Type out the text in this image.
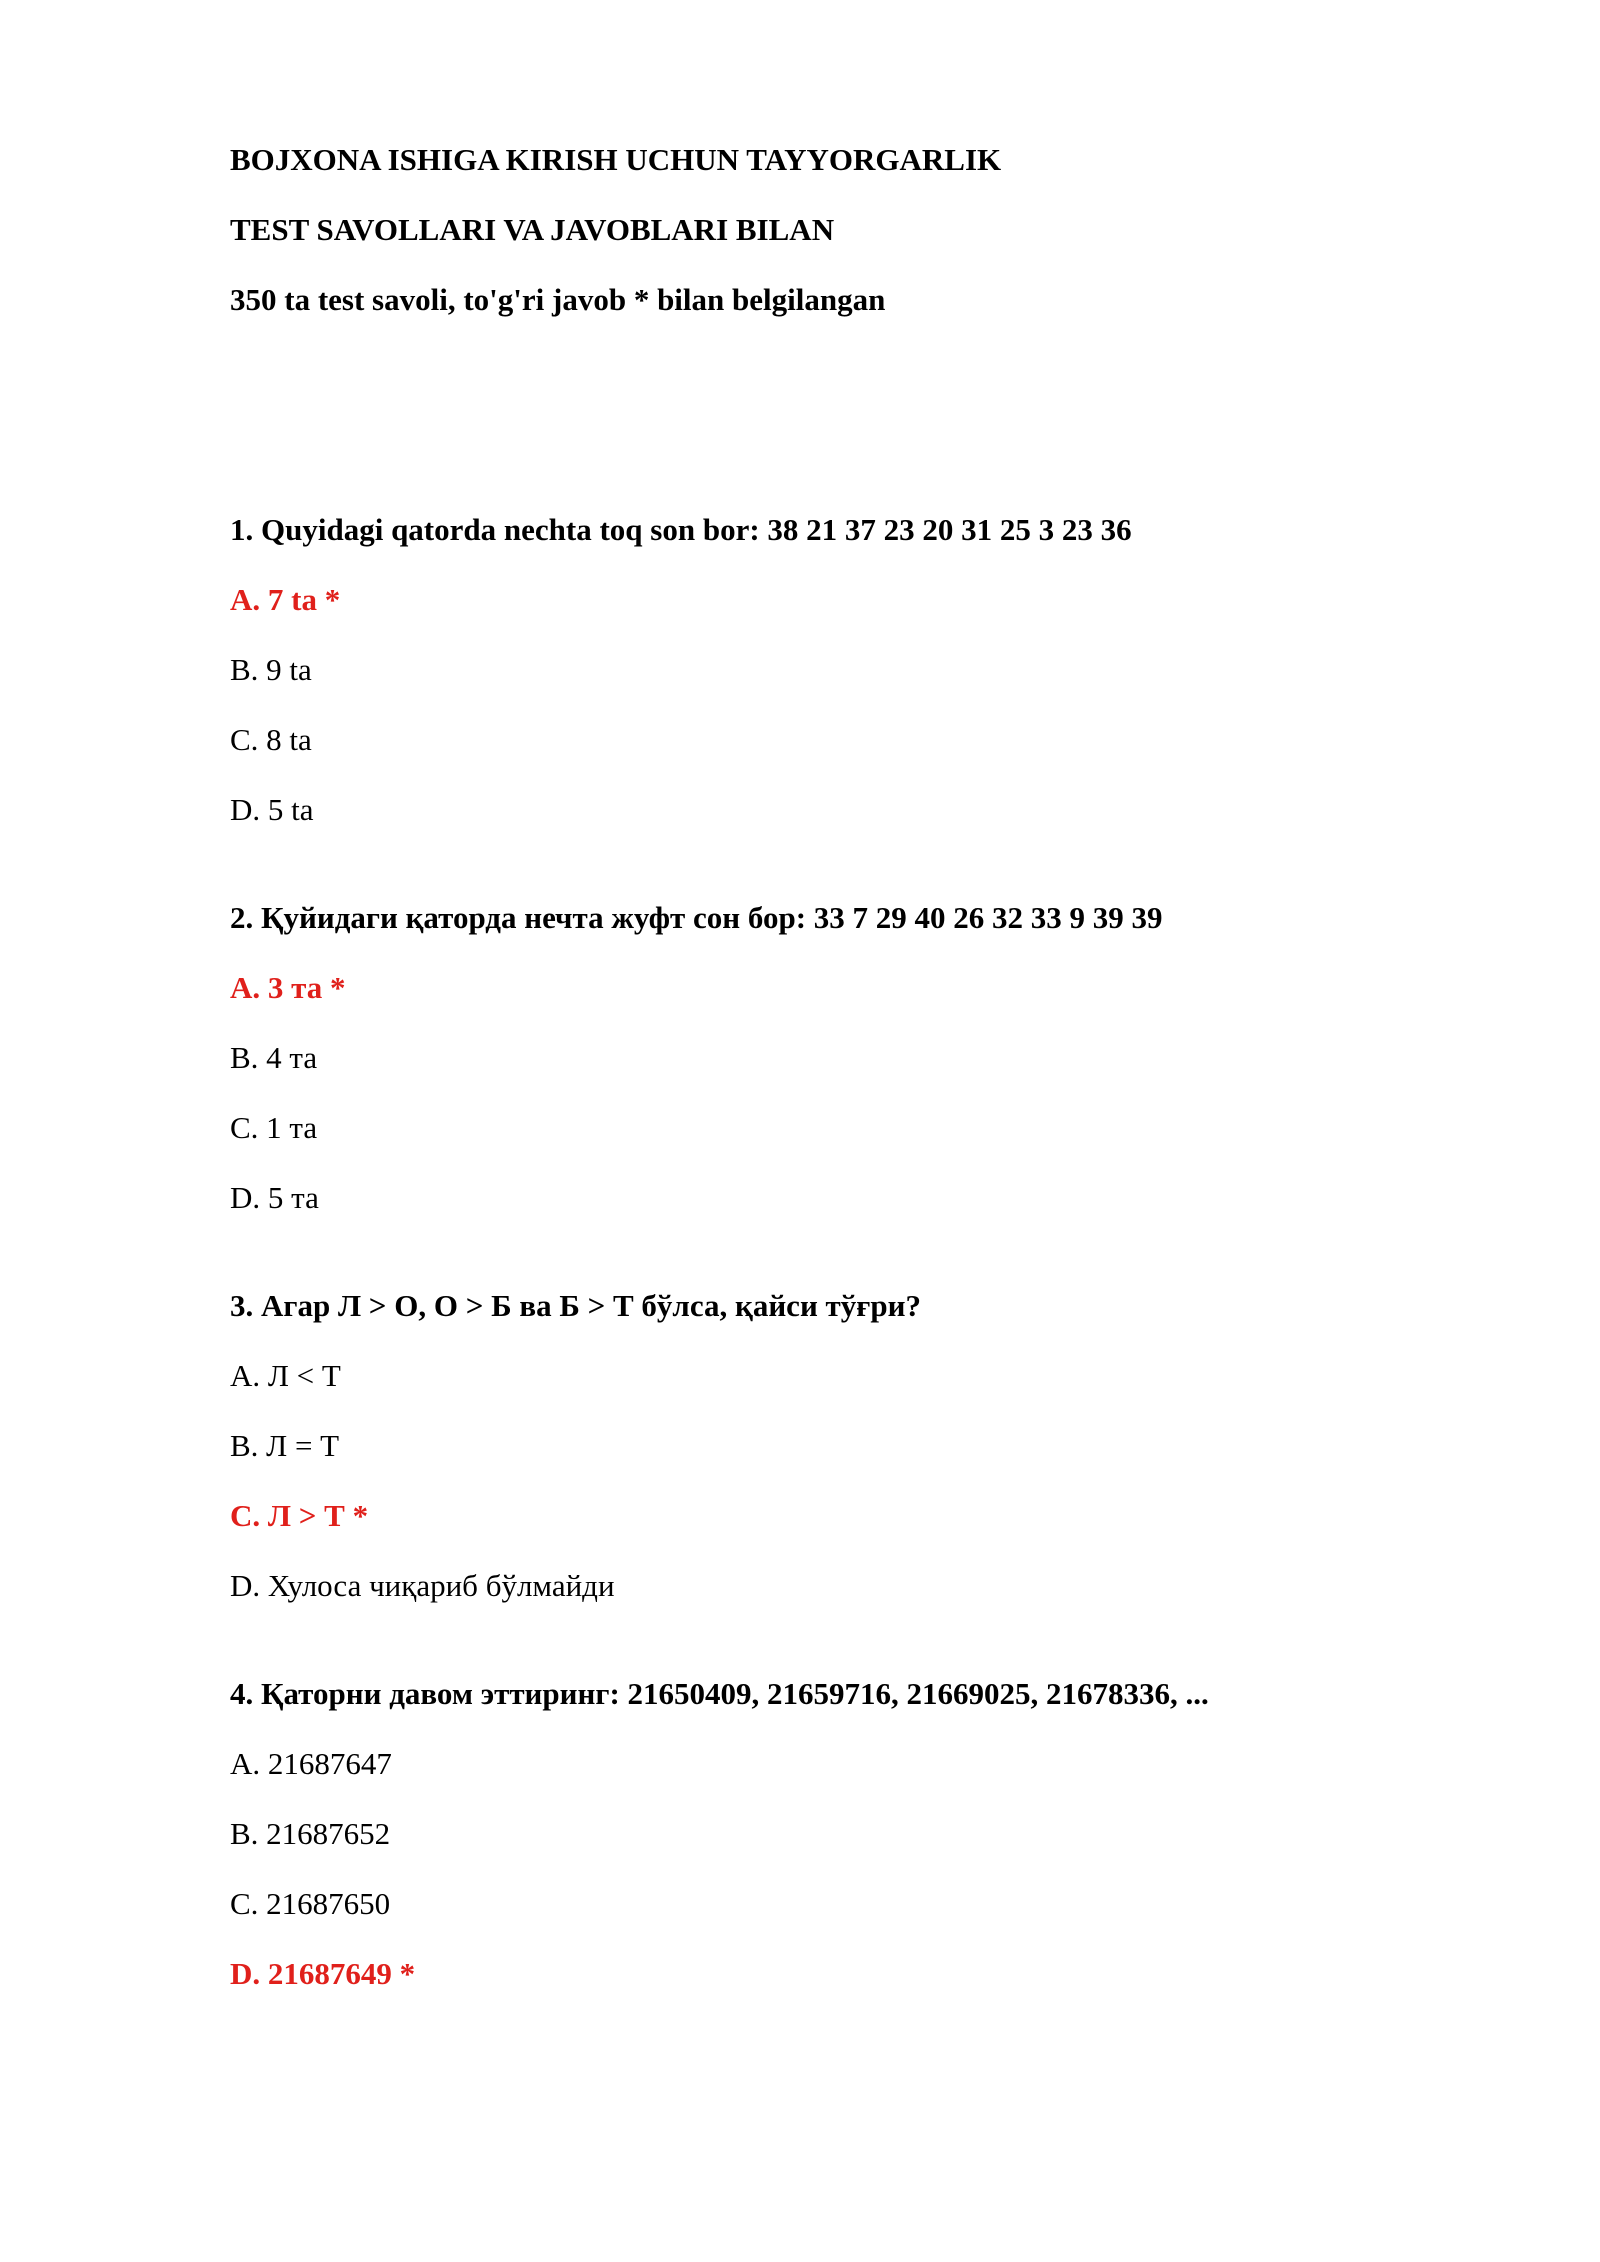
BOJXONA ISHIGA KIRISH UCHUN TAYYORGARLIK
TEST SAVOLLARI VA JAVOBLARI BILAN
350 ta test savoli, to'g'ri javob * bilan belgilangan
1. Quyidagi qatorda nechta toq son bor: 38 21 37 23 20 31 25 3 23 36
A. 7 ta *
B. 9 ta
C. 8 ta
D. 5 ta
2. Қуйидаги қаторда нечта жуфт сон бор: 33 7 29 40 26 32 33 9 39 39
A. 3 та *
B. 4 та
C. 1 та
D. 5 та
3. Агар Л > О, О > Б ва Б > Т бўлса, қайси тўғри?
A. Л < Т
B. Л = Т
C. Л > Т *
D. Хулоса чиқариб бўлмайди
4. Қаторни давом эттиринг: 21650409, 21659716, 21669025, 21678336, ...
A. 21687647
B. 21687652
C. 21687650
D. 21687649 *
